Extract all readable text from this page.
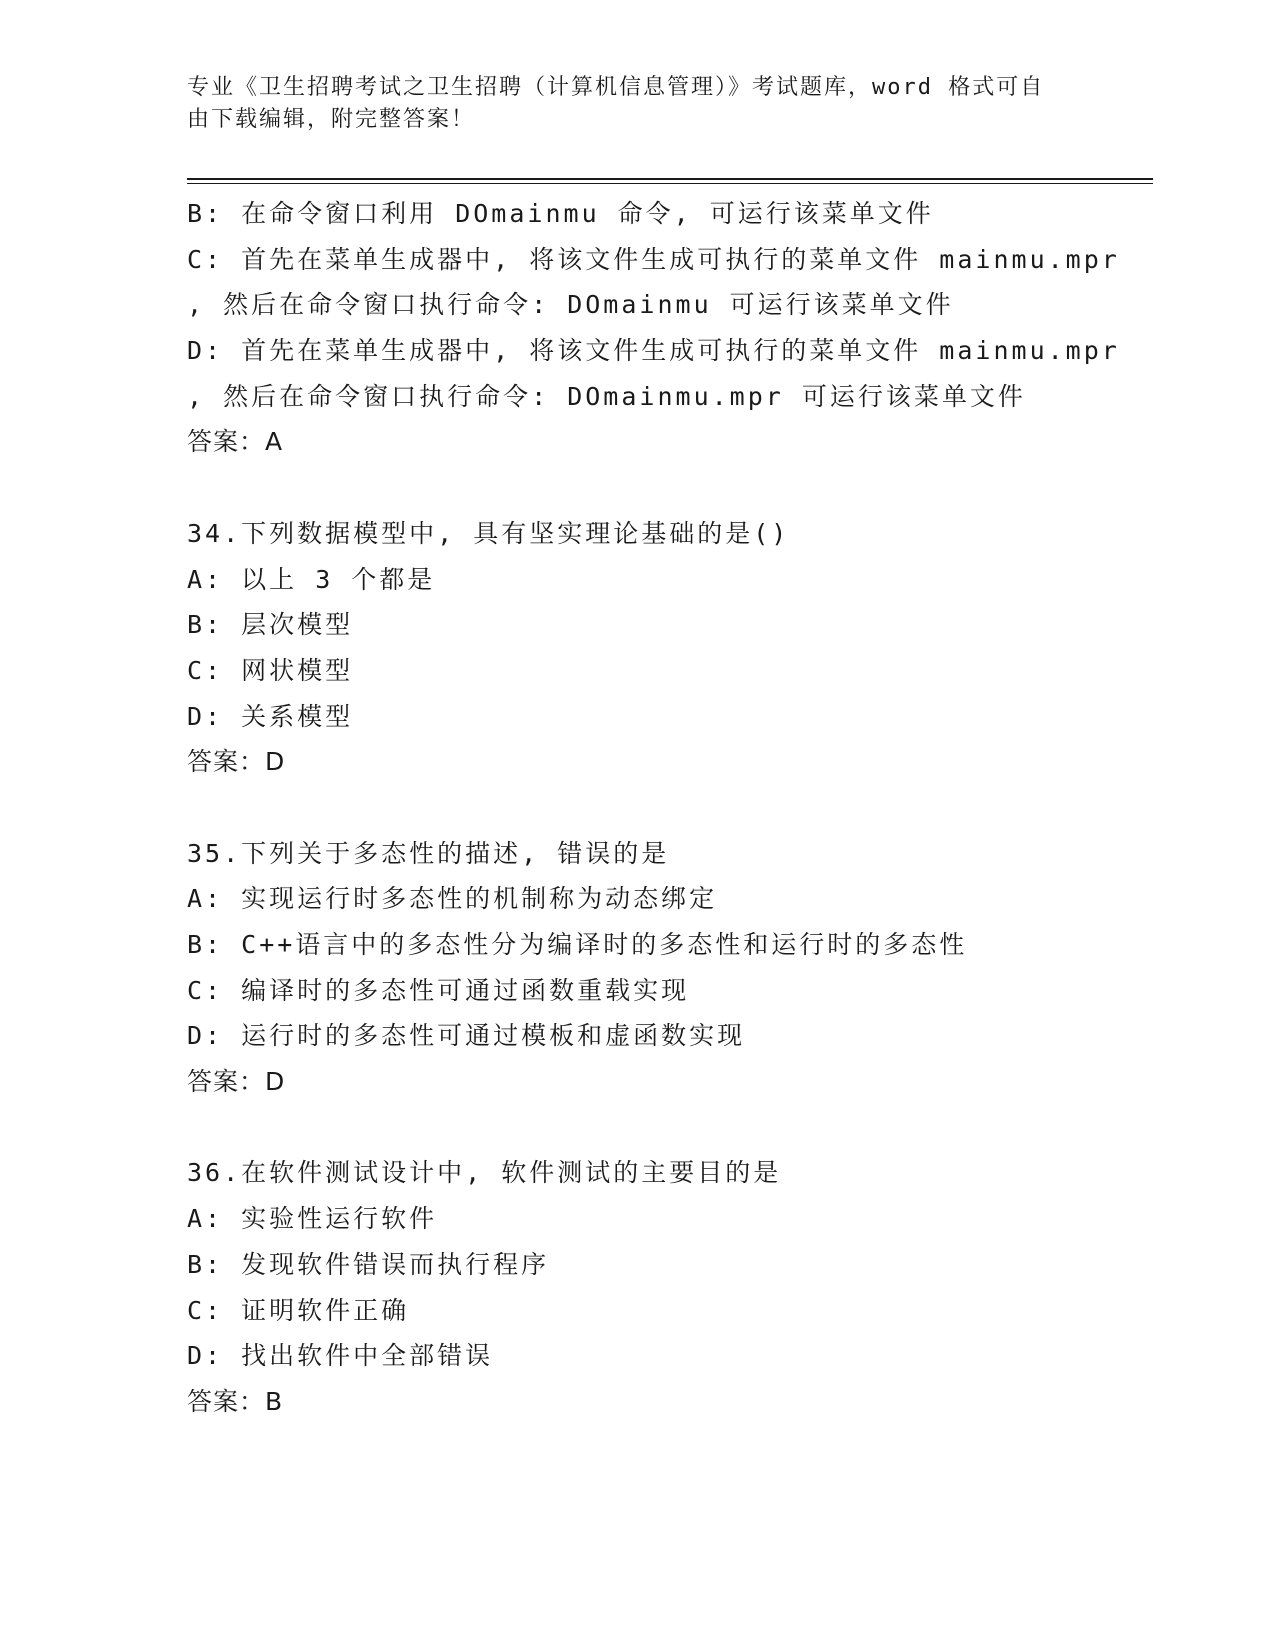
专业《卫生招聘考试之卫生招聘（计算机信息管理）》考试题库，word 格式可自
由下载编辑，附完整答案！
B: 在命令窗口利用 DOmainmu 命令, 可运行该菜单文件
C: 首先在菜单生成器中, 将该文件生成可执行的菜单文件 mainmu.mpr
, 然后在命令窗口执行命令: DOmainmu 可运行该菜单文件
D: 首先在菜单生成器中, 将该文件生成可执行的菜单文件 mainmu.mpr
, 然后在命令窗口执行命令: DOmainmu.mpr 可运行该菜单文件
答案：A
34.下列数据模型中, 具有坚实理论基础的是()
A: 以上 3 个都是
B: 层次模型
C: 网状模型
D: 关系模型
答案：D
35.下列关于多态性的描述, 错误的是
A: 实现运行时多态性的机制称为动态绑定
B: C++语言中的多态性分为编译时的多态性和运行时的多态性
C: 编译时的多态性可通过函数重载实现
D: 运行时的多态性可通过模板和虚函数实现
答案：D
36.在软件测试设计中, 软件测试的主要目的是
A: 实验性运行软件
B: 发现软件错误而执行程序
C: 证明软件正确
D: 找出软件中全部错误
答案：B
